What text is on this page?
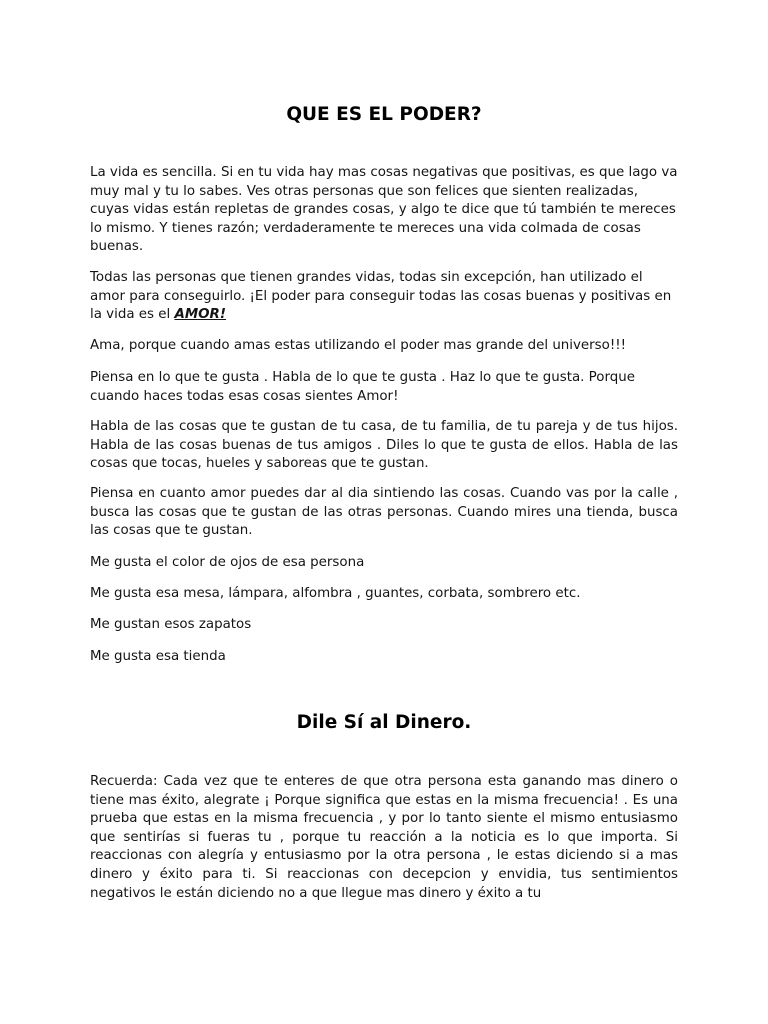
QUE ES EL PODER?

La vida es sencilla. Si en tu vida hay mas cosas negativas que positivas, es que lago va muy mal y tu lo sabes. Ves otras personas que son felices que sienten realizadas, cuyas vidas están repletas de grandes cosas, y algo te dice que tú también te mereces lo mismo. Y tienes razón; verdaderamente te mereces una vida colmada de cosas buenas.

Todas las personas que tienen grandes vidas, todas sin excepción, han utilizado el amor para conseguirlo. ¡El poder para conseguir todas las cosas buenas y positivas en la vida es el AMOR!

Ama, porque cuando amas estas utilizando el poder mas grande del universo!!!

Piensa en lo que te gusta . Habla de lo que te gusta . Haz lo que te gusta. Porque cuando haces todas esas cosas sientes Amor!

Habla de las cosas que te gustan de tu casa, de tu familia, de tu pareja y de tus hijos. Habla de las cosas buenas de tus amigos . Diles lo que te gusta de ellos. Habla de las cosas que tocas, hueles y saboreas que te gustan.

Piensa en cuanto amor puedes dar al dia sintiendo las cosas. Cuando vas por la calle , busca las cosas que te gustan de las otras personas. Cuando mires una tienda, busca las cosas que te gustan.

Me gusta el color de ojos de esa persona

Me gusta esa mesa, lámpara, alfombra , guantes, corbata, sombrero etc.

Me gustan esos zapatos

Me gusta esa tienda

Dile Sí al Dinero.

Recuerda: Cada vez que te enteres de que otra persona esta ganando mas dinero o tiene mas éxito, alegrate ¡ Porque significa que estas en la misma frecuencia! . Es una prueba que estas en la misma frecuencia , y por lo tanto siente el mismo entusiasmo que sentirías si fueras tu , porque tu reacción a la noticia es lo que importa. Si reaccionas con alegría y entusiasmo por la otra persona , le estas diciendo si a mas dinero y éxito para ti. Si reaccionas con decepcion y envidia, tus sentimientos negativos le están diciendo no a que llegue mas dinero y éxito a tu
